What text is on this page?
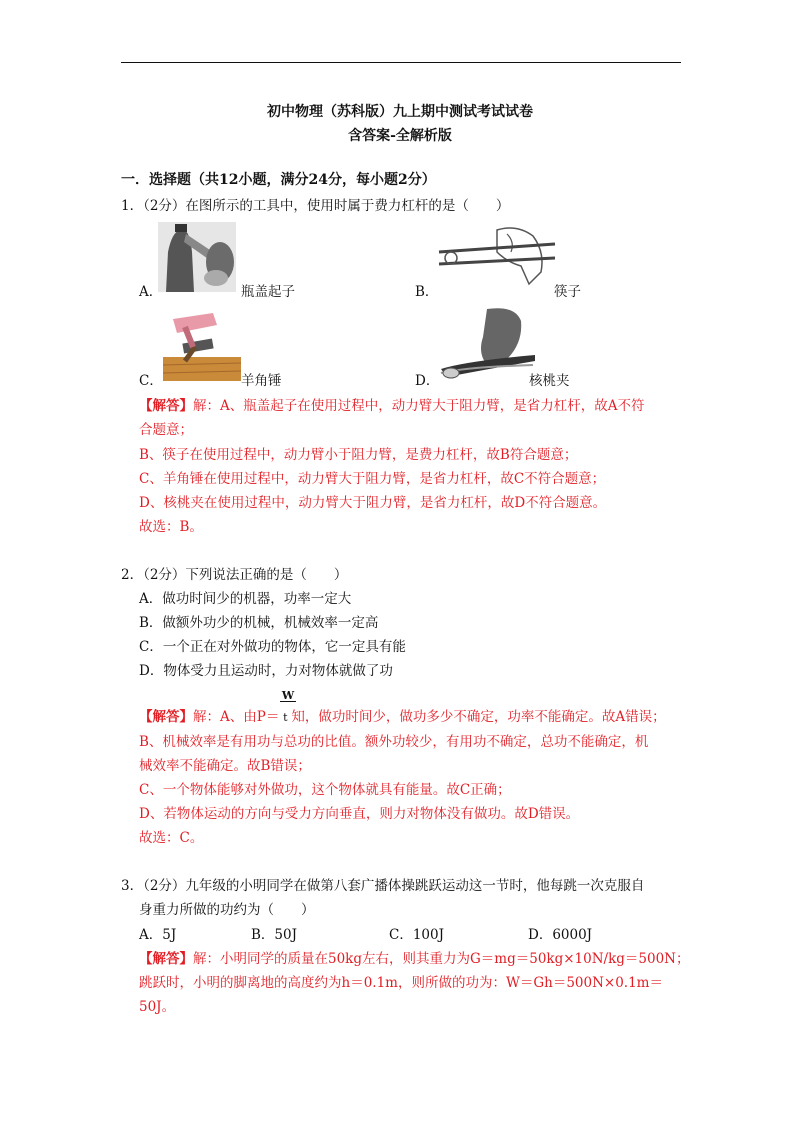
初中物理（苏科版）九上期中测试考试试卷
含答案-全解析版
一．选择题（共12小题，满分24分，每小题2分）
1．（2分）在图所示的工具中，使用时属于费力杠杆的是（　　）
A．	瓶盖起子	B．	筷子
C．	羊角锤	D．	核桃夹
【解答】解：A、瓶盖起子在使用过程中，动力臂大于阻力臂，是省力杠杆，故A不符
合题意；
B、筷子在使用过程中，动力臂小于阻力臂，是费力杠杆，故B符合题意；
C、羊角锤在使用过程中，动力臂大于阻力臂，是省力杠杆，故C不符合题意；
D、核桃夹在使用过程中，动力臂大于阻力臂，是省力杠杆，故D不符合题意。
故选：B。
2．（2分）下列说法正确的是（　　）
A．做功时间少的机器，功率一定大
B．做额外功少的机械，机械效率一定高
C．一个正在对外做功的物体，它一定具有能
D．物体受力且运动时，力对物体就做了功
W
【解答】解：A、由P＝ t 知，做功时间少，做功多少不确定，功率不能确定。故A错误；
B、机械效率是有用功与总功的比值。额外功较少，有用功不确定，总功不能确定，机
械效率不能确定。故B错误；
C、一个物体能够对外做功，这个物体就具有能量。故C正确；
D、若物体运动的方向与受力方向垂直，则力对物体没有做功。故D错误。
故选：C。
3．（2分）九年级的小明同学在做第八套广播体操跳跃运动这一节时，他每跳一次克服自
身重力所做的功约为（　　）
A．5J	B．50J	C．100J	D．6000J
【解答】解：小明同学的质量在50kg左右，则其重力为G＝mg＝50kg×10N/kg＝500N；
跳跃时，小明的脚离地的高度约为h＝0.1m，则所做的功为：W＝Gh＝500N×0.1m＝
50J。
